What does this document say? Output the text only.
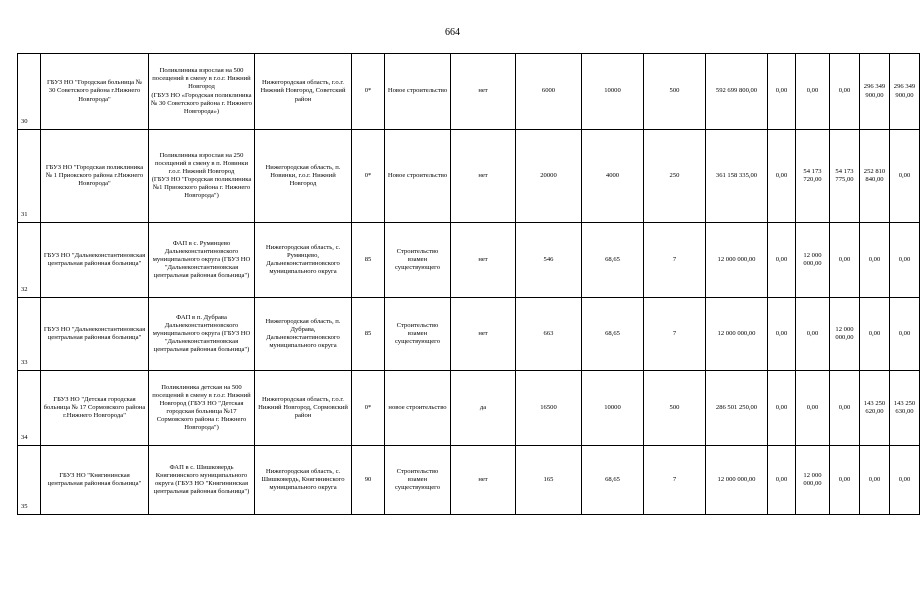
664
30	ГБУЗ НО "Городская больница № 30 Советского района г.Нижнего Новгорода"	Поликлиника взрослая на 500 посещений в смену в г.о.г. Нижний Новгород
(ГБУЗ НО «Городская поликлиника № 30 Советского района г. Нижнего Новгорода»)	Нижегородская область, г.о.г. Нижний Новгород, Советский район	0*	Новое строительство	нет	6000	10000	500	592 699 800,00	0,00	0,00	0,00	296 349 900,00	296 349 900,00

31	ГБУЗ НО "Городская поликлиника № 1 Приокского района г.Нижнего Новгорода"	Поликлиника взрослая на 250
посещений в смену в п. Новинки г.о.г. Нижний Новгород
(ГБУЗ НО "Городская поликлиника №1 Приокского района г. Нижнего Новгорода")	Нижегородская область, п. Новинки, г.о.г. Нижний Новгород	0*	Новое строительство	нет	20000	4000	250	361 158 335,00	0,00	54 173 720,00	54 173 775,00	252 810 840,00	0,00

32	ГБУЗ НО "Дальнеконстантиновская центральная районная больница"	ФАП в с. Румянцево Дальнеконстантиновского муниципального округа (ГБУЗ НО "Дальнеконстантиновская центральная районная больница")	Нижегородская область, с. Румянцево, Дальнеконстантиновского муниципального округа	85	Строительство взамен существующего	нет	546	68,65	7	12 000 000,00	0,00	12 000 000,00	0,00	0,00	0,00

33	ГБУЗ НО "Дальнеконстантиновская центральная районная больница"	ФАП в п. Дубрава Дальнеконстантиновского муниципального округа (ГБУЗ НО "Дальнеконстантиновская центральная районная больница")	Нижегородская область, п. Дубрава, Дальнеконстантиновского муниципального округа	85	Строительство взамен существующего	нет	663	68,65	7	12 000 000,00	0,00	0,00	12 000 000,00	0,00	0,00

34	ГБУЗ НО "Детская городская больница № 17 Сормовского района г.Нижнего Новгорода"	Поликлиника детская на 500 посещений в смену в г.о.г. Нижний Новгород (ГБУЗ НО "Детская городская больница №17 Сормовского района г. Нижнего Новгорода")	Нижегородская область, г.о.г. Нижний Новгород, Сормовский район	0*	новое строительство	да	16500	10000	500	286 501 250,00	0,00	0,00	0,00	143 250 620,00	143 250 630,00

35	ГБУЗ НО "Княгининская центральная районная больница"	ФАП в с. Шишковердь Княгининского муниципального округа (ГБУЗ НО "Княгининская центральная районная больница")	Нижегородская область, с. Шишковердь, Княгининского муниципального округа	90	Строительство взамен существующего	нет	165	68,65	7	12 000 000,00	0,00	12 000 000,00	0,00	0,00	0,00
